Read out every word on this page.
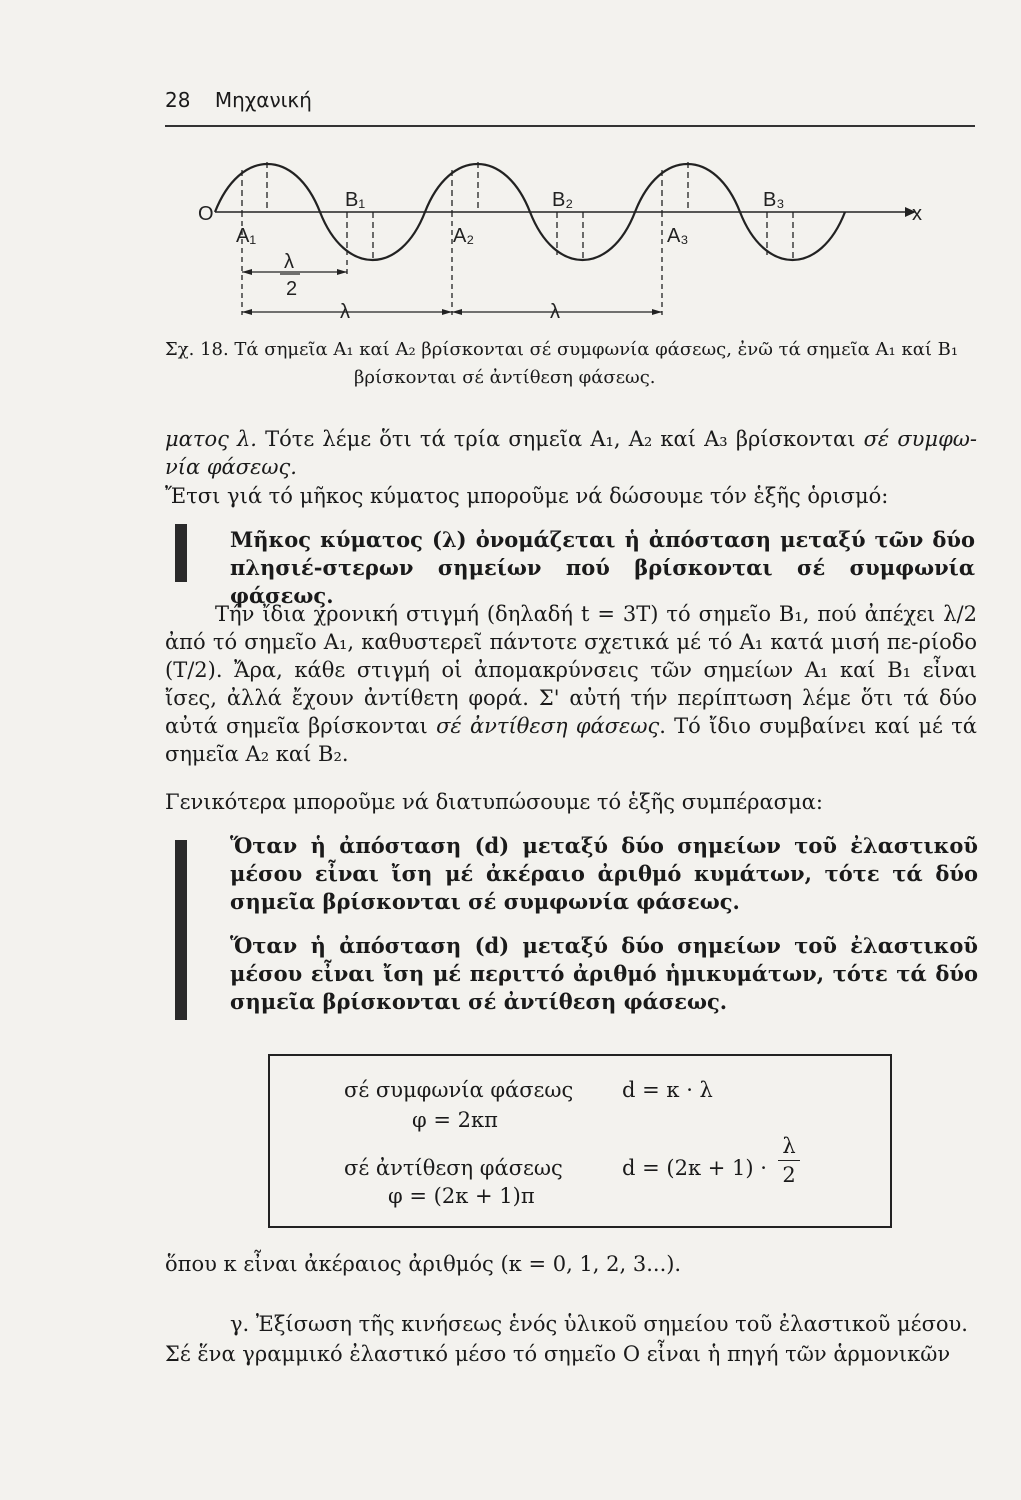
28 Μηχανική
O	x
A₁	A₂	A₃
B₁	B₂	B₃
λ
2
λ	λ
Σχ. 18. Τά σημεῖα A₁ καί A₂ βρίσκονται σέ συμφωνία φάσεως, ἐνῶ τά σημεῖα A₁ καί B₁
βρίσκονται σέ ἀντίθεση φάσεως.
ματος λ. Τότε λέμε ὅτι τά τρία σημεῖα A₁, A₂ καί A₃ βρίσκονται σέ συμφω-νία φάσεως.
Ἔτσι γιά τό μῆκος κύματος μποροῦμε νά δώσουμε τόν ἑξῆς ὁρισμό:
Μῆκος κύματος (λ) ὀνομάζεται ἡ ἀπόσταση μεταξύ τῶν δύο πλησιέ-στερων σημείων πού βρίσκονται σέ συμφωνία φάσεως.
Τήν ἴδια χρονική στιγμή (δηλαδή t = 3T) τό σημεῖο B₁, πού ἀπέχει λ/2 ἀπό τό σημεῖο A₁, καθυστερεῖ πάντοτε σχετικά μέ τό A₁ κατά μισή πε-ρίοδο (T/2). Ἄρα, κάθε στιγμή οἱ ἀπομακρύνσεις τῶν σημείων A₁ καί B₁ εἶναι ἴσες, ἀλλά ἔχουν ἀντίθετη φορά. Σ' αὐτή τήν περίπτωση λέμε ὅτι τά δύο αὐτά σημεῖα βρίσκονται σέ ἀντίθεση φάσεως. Τό ἴδιο συμβαίνει καί μέ τά σημεῖα A₂ καί B₂.
Γενικότερα μποροῦμε νά διατυπώσουμε τό ἑξῆς συμπέρασμα:
Ὅταν ἡ ἀπόσταση (d) μεταξύ δύο σημείων τοῦ ἐλαστικοῦ μέσου εἶναι ἴση μέ ἀκέραιο ἀριθμό κυμάτων, τότε τά δύο σημεῖα βρίσκονται σέ συμφωνία φάσεως.
Ὅταν ἡ ἀπόσταση (d) μεταξύ δύο σημείων τοῦ ἐλαστικοῦ μέσου εἶναι ἴση μέ περιττό ἀριθμό ἡμικυμάτων, τότε τά δύο σημεῖα βρίσκονται σέ ἀντίθεση φάσεως.
σέ συμφωνία φάσεως d = κ · λ
φ = 2κπ
σέ ἀντίθεση φάσεως	d = (2κ + 1) ·
λ
2
φ = (2κ + 1)π
ὅπου κ εἶναι ἀκέραιος ἀριθμός (κ = 0, 1, 2, 3...).
γ. Ἐξίσωση τῆς κινήσεως ἑνός ὑλικοῦ σημείου τοῦ ἐλαστικοῦ μέσου.
Σέ ἕνα γραμμικό ἐλαστικό μέσο τό σημεῖο O εἶναι ἡ πηγή τῶν ἁρμονικῶν
